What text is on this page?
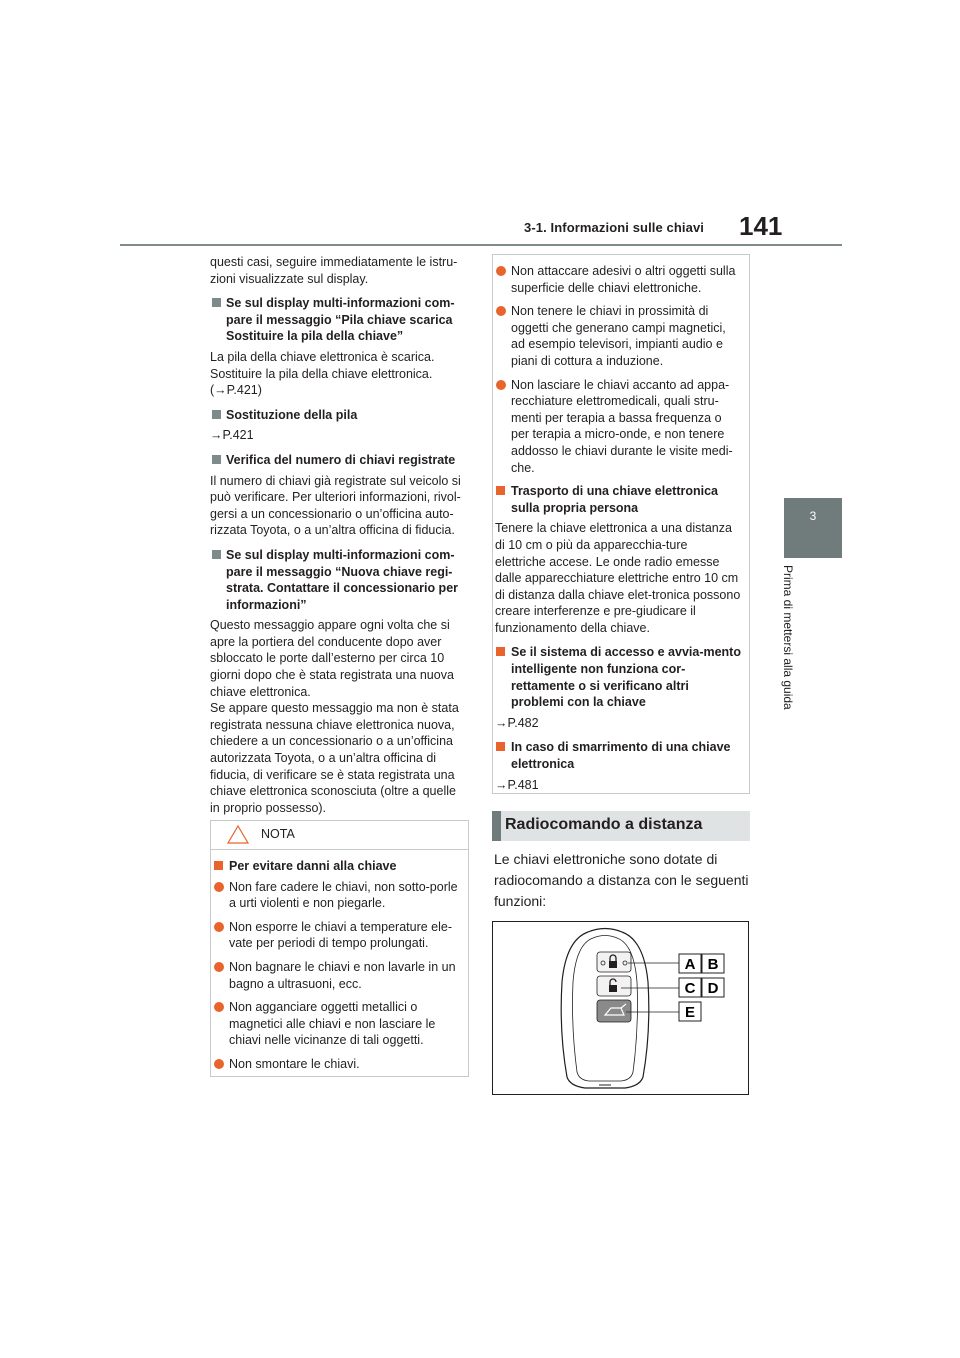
3-1. Informazioni sulle chiavi 141
3
Prima di mettersi alla guida
questi casi, seguire immediatamente le istru-zioni visualizzate sul display.
Se sul display multi-informazioni com-pare il messaggio “Pila chiave scarica Sostituire la pila della chiave”
La pila della chiave elettronica è scarica. Sostituire la pila della chiave elettronica. (→P.421)
Sostituzione della pila
→P.421
Verifica del numero di chiavi registrate
Il numero di chiavi già registrate sul veicolo si può verificare. Per ulteriori informazioni, rivol-gersi a un concessionario o un’officina auto-rizzata Toyota, o a un’altra officina di fiducia.
Se sul display multi-informazioni com-pare il messaggio “Nuova chiave regi-strata. Contattare il concessionario per informazioni”
Questo messaggio appare ogni volta che si apre la portiera del conducente dopo aver sbloccato le porte dall’esterno per circa 10 giorni dopo che è stata registrata una nuova chiave elettronica.
Se appare questo messaggio ma non è stata registrata nessuna chiave elettronica nuova, chiedere a un concessionario o a un’officina autorizzata Toyota, o a un’altra officina di fiducia, di verificare se è stata registrata una chiave elettronica sconosciuta (oltre a quelle in proprio possesso).
NOTA
Per evitare danni alla chiave
Non fare cadere le chiavi, non sotto-porle a urti violenti e non piegarle.
Non esporre le chiavi a temperature ele-vate per periodi di tempo prolungati.
Non bagnare le chiavi e non lavarle in un bagno a ultrasuoni, ecc.
Non agganciare oggetti metallici o magnetici alle chiavi e non lasciare le chiavi nelle vicinanze di tali oggetti.
Non smontare le chiavi.
Non attaccare adesivi o altri oggetti sulla superficie delle chiavi elettroniche.
Non tenere le chiavi in prossimità di oggetti che generano campi magnetici, ad esempio televisori, impianti audio e piani di cottura a induzione.
Non lasciare le chiavi accanto ad appa-recchiature elettromedicali, quali stru-menti per terapia a bassa frequenza o per terapia a micro-onde, e non tenere addosso le chiavi durante le visite medi-che.
Trasporto di una chiave elettronica sulla propria persona
Tenere la chiave elettronica a una distanza di 10 cm o più da apparecchia-ture elettriche accese. Le onde radio emesse dalle apparecchiature elettriche entro 10 cm di distanza dalla chiave elet-tronica possono creare interferenze e pre-giudicare il funzionamento della chiave.
Se il sistema di accesso e avvia-mento intelligente non funziona cor-rettamente o si verificano altri problemi con la chiave
→P.482
In caso di smarrimento di una chiave elettronica
→P.481
Radiocomando a distanza
Le chiavi elettroniche sono dotate di radiocomando a distanza con le seguenti funzioni:
A B
C D
E
